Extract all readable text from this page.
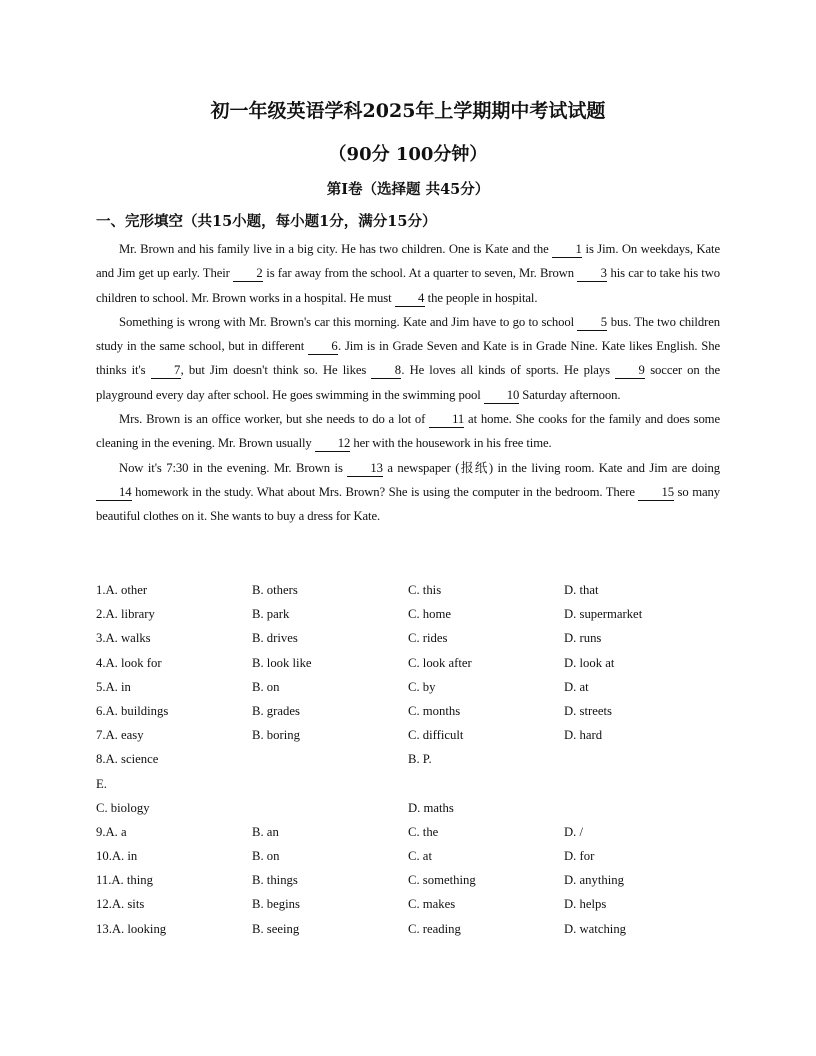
初一年级英语学科2025年上学期期中考试试题
（90分 100分钟）
第Ⅰ卷（选择题 共45分）
一、完形填空（共15小题，每小题1分，满分15分）

Mr. Brown and his family live in a big city. He has two children. One is Kate and the 1 is Jim. On weekdays, Kate and Jim get up early. Their 2 is far away from the school. At a quarter to seven, Mr. Brown 3 his car to take his two children to school. Mr. Brown works in a hospital. He must 4 the people in hospital.

Something is wrong with Mr. Brown's car this morning. Kate and Jim have to go to school 5 bus. The two children study in the same school, but in different 6. Jim is in Grade Seven and Kate is in Grade Nine. Kate likes English. She thinks it's 7, but Jim doesn't think so. He likes 8. He loves all kinds of sports. He plays 9 soccer on the playground every day after school. He goes swimming in the swimming pool 10 Saturday afternoon.

Mrs. Brown is an office worker, but she needs to do a lot of 11 at home. She cooks for the family and does some cleaning in the evening. Mr. Brown usually 12 her with the housework in his free time.

Now it's 7:30 in the evening. Mr. Brown is 13 a newspaper (报纸) in the living room. Kate and Jim are doing 14 homework in the study. What about Mrs. Brown? She is using the computer in the bedroom. There 15 so many beautiful clothes on it. She wants to buy a dress for Kate.

1.A. other	B. others	C. this	D. that
2.A. library	B. park	C. home	D. supermarket
3.A. walks	B. drives	C. rides	D. runs
4.A. look for	B. look like	C. look after	D. look at
5.A. in	B. on	C. by	D. at
6.A. buildings	B. grades	C. months	D. streets
7.A. easy	B. boring	C. difficult	D. hard
8.A. science	B. P.
E.
C. biology	D. maths
9.A. a	B. an	C. the	D. /
10.A. in	B. on	C. at	D. for
11.A. thing	B. things	C. something	D. anything
12.A. sits	B. begins	C. makes	D. helps
13.A. looking	B. seeing	C. reading	D. watching
